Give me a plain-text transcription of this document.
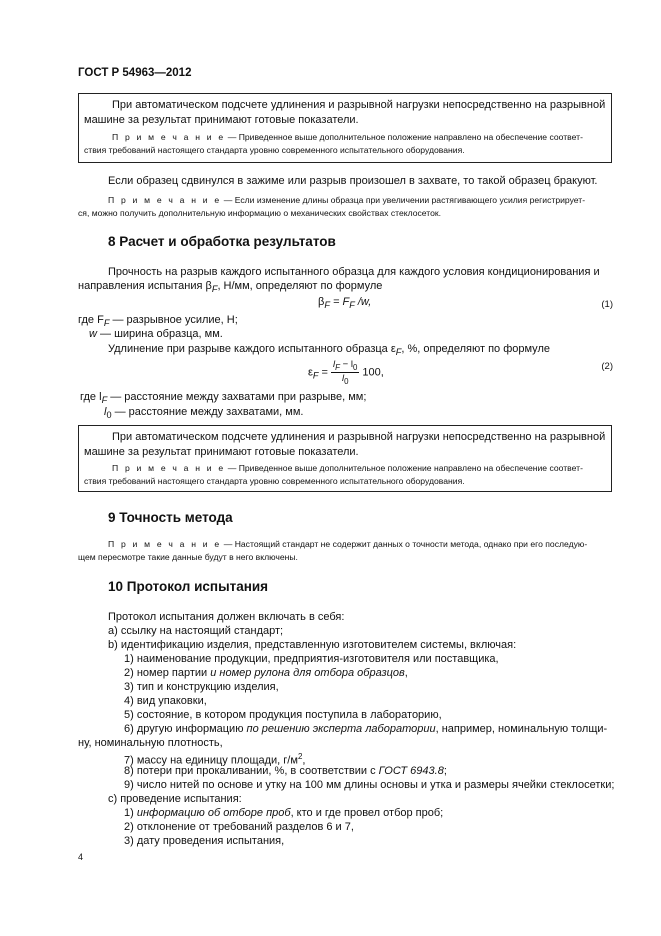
ГОСТ Р 54963—2012
При автоматическом подсчете удлинения и разрывной нагрузки непосредственно на разрывной
машине за результат принимают готовые показатели.
П р и м е ч а н и е — Приведенное выше дополнительное положение направлено на обеспечение соответ-
ствия требований настоящего стандарта уровню современного испытательного оборудования.
Если образец сдвинулся в зажиме или разрыв произошел в захвате, то такой образец бракуют.
П р и м е ч а н и е — Если изменение длины образца при увеличении растягивающего усилия регистрирует-
ся, можно получить дополнительную информацию о механических свойствах стеклосеток.
8 Расчет и обработка результатов
Прочность на разрыв каждого испытанного образца для каждого условия кондиционирования и
направления испытания $\beta_F$, Н/мм, определяют по формуле
$\beta_F = F_F$ /w,	(1)
где $F_F$ — разрывное усилие, Н;
w — ширина образца, мм.
Удлинение при разрыве каждого испытанного образца $\varepsilon_F$, %, определяют по формуле
$\varepsilon_F = \frac{l_F - l_0}{l_0} 100$,	(2)
где $l_F$ — расстояние между захватами при разрыве, мм;
$l_0$ — расстояние между захватами, мм.
При автоматическом подсчете удлинения и разрывной нагрузки непосредственно на разрывной
машине за результат принимают готовые показатели.
П р и м е ч а н и е — Приведенное выше дополнительное положение направлено на обеспечение соответ-
ствия требований настоящего стандарта уровню современного испытательного оборудования.
9 Точность метода
П р и м е ч а н и е — Настоящий стандарт не содержит данных о точности метода, однако при его последую-
щем пересмотре такие данные будут в него включены.
10 Протокол испытания
Протокол испытания должен включать в себя:
а) ссылку на настоящий стандарт;
b) идентификацию изделия, представленную изготовителем системы, включая:
1) наименование продукции, предприятия-изготовителя или поставщика,
2) номер партии и номер рулона для отбора образцов,
3) тип и конструкцию изделия,
4) вид упаковки,
5) состояние, в котором продукция поступила в лабораторию,
6) другую информацию по решению эксперта лаборатории, например, номинальную толщи-
ну, номинальную плотность,
7) массу на единицу площади, $г/м^2$,
8) потери при прокаливании, %, в соответствии с ГОСТ 6943.8;
9) число нитей по основе и утку на 100 мм длины основы и утка и размеры ячейки стеклосетки;
с) проведение испытания:
1) информацию об отборе проб, кто и где провел отбор проб;
2) отклонение от требований разделов 6 и 7,
3) дату проведения испытания,
4
